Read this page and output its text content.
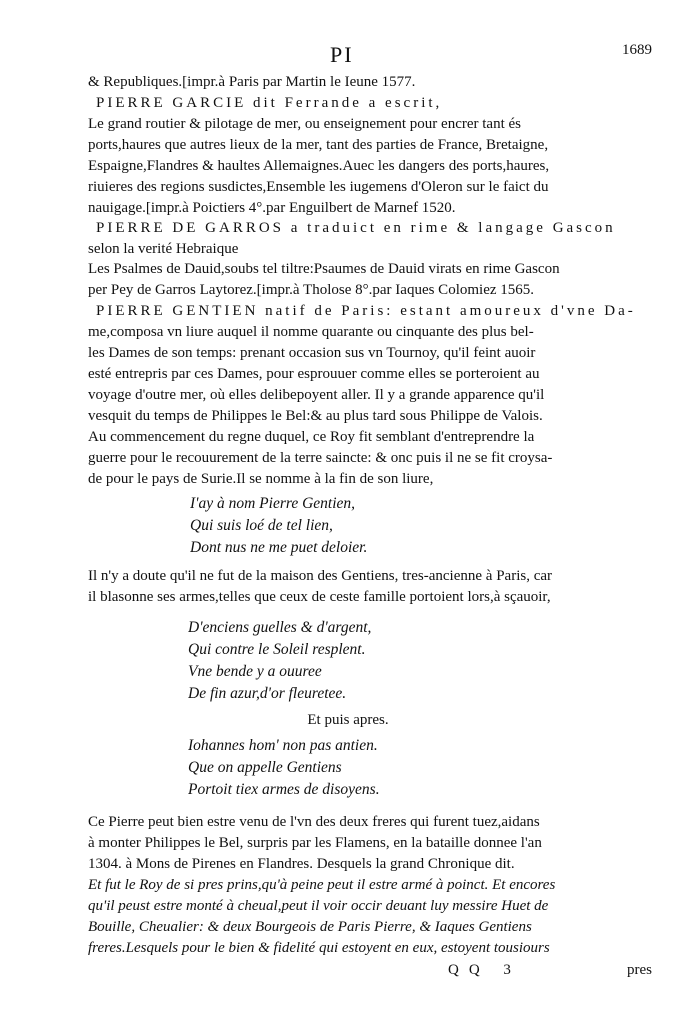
PI	1689
& Republiques.[impr.à Paris par Martin le Ieune 1577.
PIERRE GARCIE dit Ferrande a escrit,
Le grand routier & pilotage de mer, ou enseignement pour encrer tant és
ports,haures que autres lieux de la mer, tant des parties de France, Bretaigne,
Espaigne,Flandres & haultes Allemaignes.Auec les dangers des ports,haures,
riuieres des regions susdictes,Ensemble les iugemens d'Oleron sur le faict du
nauigage.[impr.à Poictiers 4°.par Enguilbert de Marnef 1520.
PIERRE DE GARROS a traduict en rime & langage Gascon
selon la verité Hebraique
Les Psalmes de Dauid,soubs tel tiltre:Psaumes de Dauid virats en rime Gascon
per Pey de Garros Laytorez.[impr.à Tholose 8°.par Iaques Colomiez 1565.
PIERRE GENTIEN natif de Paris: estant amoureux d'vne Da-
me,composa vn liure auquel il nomme quarante ou cinquante des plus bel-
les Dames de son temps: prenant occasion sus vn Tournoy, qu'il feint auoir
esté entrepris par ces Dames, pour esprouuer comme elles se porteroient au
voyage d'outre mer, où elles delibероyent aller. Il y a grande apparence qu'il
vesquit du temps de Philippes le Bel:& au plus tard sous Philippe de Valois.
Au commencement du regne duquel, ce Roy fit semblant d'entreprendre la
guerre pour le recouurement de la terre saincte: & onc puis il ne se fit croysa-
de pour le pays de Surie.Il se nomme à la fin de son liure,
I'ay à nom Pierre Gentien,
Qui suis loé de tel lien,
Dont nus ne me puet deloier.
Il n'y a doute qu'il ne fut de la maison des Gentiens, tres-ancienne à Paris, car
il blasonne ses armes,telles que ceux de ceste famille portoient lors,à sçauoir,
D'enciens guelles & d'argent,
Qui contre le Soleil resplent.
Vne bende y a ouuree
De fin azur,d'or fleuretee.
Et puis apres.
Iohannes hom' non pas antien.
Que on appelle Gentiens
Portoit tiex armes de disoyens.
Ce Pierre peut bien estre venu de l'vn des deux freres qui furent tuez,aidans
à monter Philippes le Bel, surpris par les Flamens, en la bataille donnee l'an
1304. à Mons de Pirenes en Flandres. Desquels la grand Chronique dit.
Et fut le Roy de si pres prins,qu'à peine peut il estre armé à poinct. Et encores
qu'il peust estre monté à cheual,peut il voir occir deuant luy messire Huet de
Bouille, Cheualier: & deux Bourgeois de Paris Pierre, & Iaques Gentiens
freres.Lesquels pour le bien & fidelité qui estoyent en eux, estoyent tousiours
QQ 3	pres
